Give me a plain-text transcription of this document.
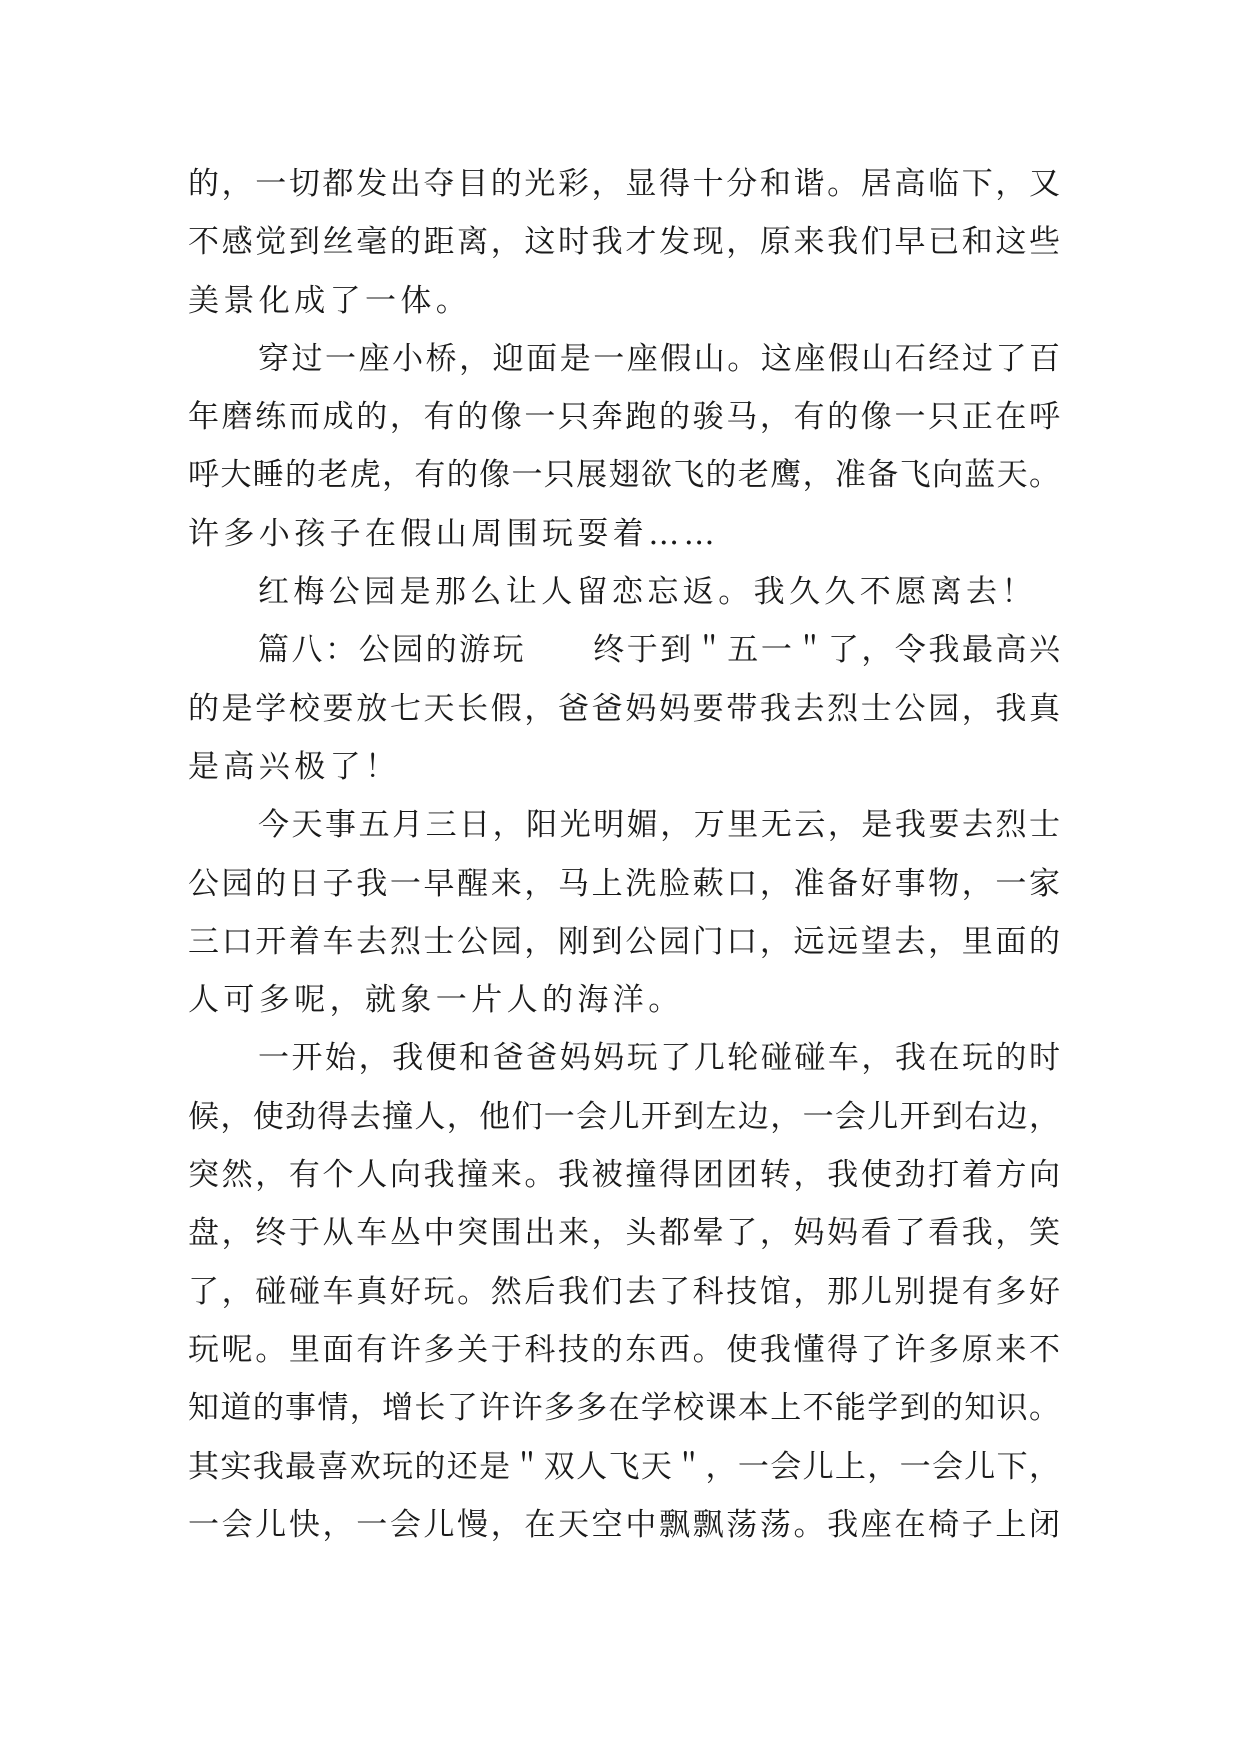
的，一切都发出夺目的光彩，显得十分和谐。居高临下，又
不感觉到丝毫的距离，这时我才发现，原来我们早已和这些
美景化成了一体。
穿过一座小桥，迎面是一座假山。这座假山石经过了百
年磨练而成的，有的像一只奔跑的骏马，有的像一只正在呼
呼大睡的老虎，有的像一只展翅欲飞的老鹰，准备飞向蓝天。
许多小孩子在假山周围玩耍着……
红梅公园是那么让人留恋忘返。我久久不愿离去！
篇八：公园的游玩　　终于到＂五一＂了，令我最高兴
的是学校要放七天长假，爸爸妈妈要带我去烈士公园，我真
是高兴极了！
今天事五月三日，阳光明媚，万里无云，是我要去烈士
公园的日子我一早醒来，马上洗脸蔌口，准备好事物，一家
三口开着车去烈士公园，刚到公园门口，远远望去，里面的
人可多呢，就象一片人的海洋。
一开始，我便和爸爸妈妈玩了几轮碰碰车，我在玩的时
候，使劲得去撞人，他们一会儿开到左边，一会儿开到右边，
突然，有个人向我撞来。我被撞得团团转，我使劲打着方向
盘，终于从车丛中突围出来，头都晕了，妈妈看了看我，笑
了，碰碰车真好玩。然后我们去了科技馆，那儿别提有多好
玩呢。里面有许多关于科技的东西。使我懂得了许多原来不
知道的事情，增长了许许多多在学校课本上不能学到的知识。
其实我最喜欢玩的还是＂双人飞天＂，一会儿上，一会儿下，
一会儿快，一会儿慢，在天空中飘飘荡荡。我座在椅子上闭
